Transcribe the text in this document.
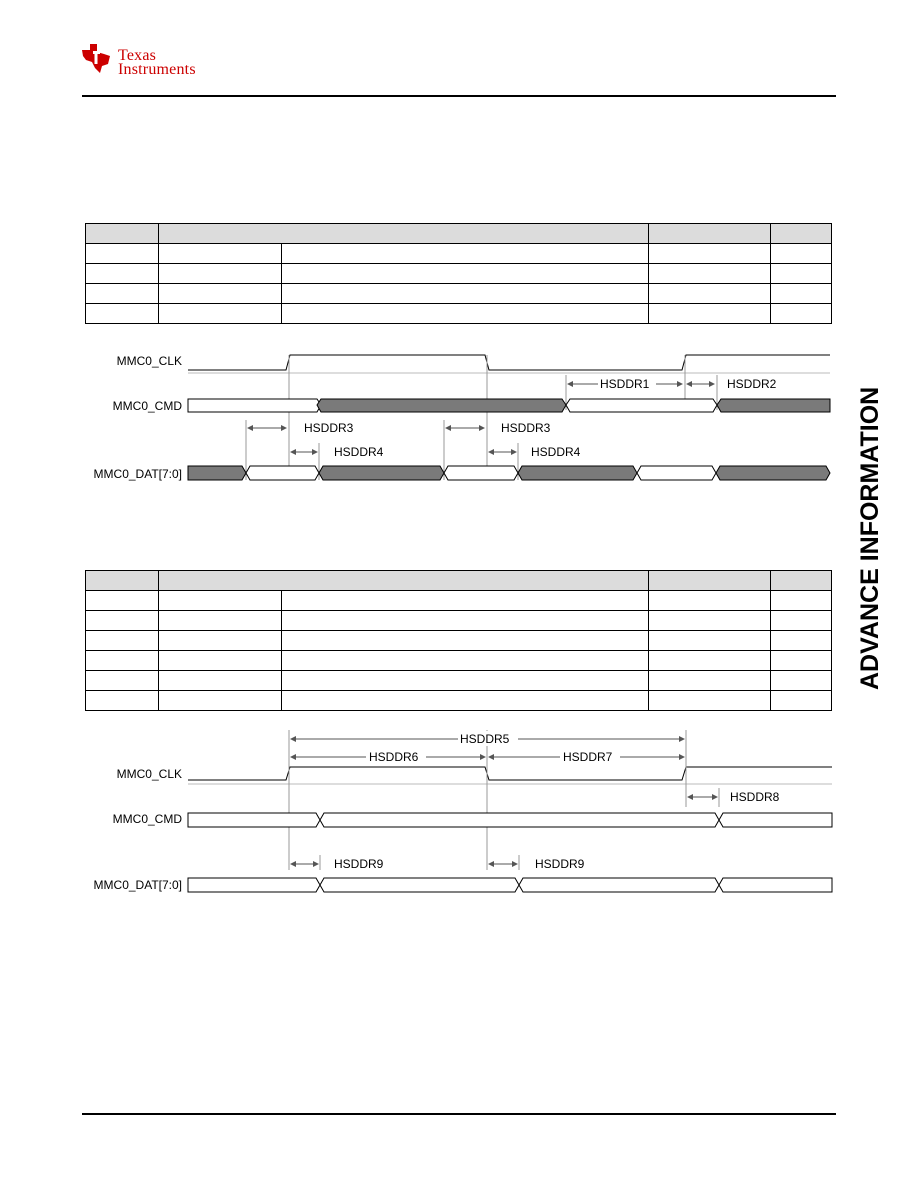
Texas
Instruments
ADVANCE INFORMATION

MMC0_CLK
MMC0_CMD
MMC0_DAT[7:0]
HSDDR1	HSDDR2
HSDDR3
HSDDR4
HSDDR3
HSDDR4

MMC0_CLK
MMC0_CMD
MMC0_DAT[7:0]
HSDDR5
HSDDR6	HSDDR7
HSDDR8
HSDDR9	HSDDR9
